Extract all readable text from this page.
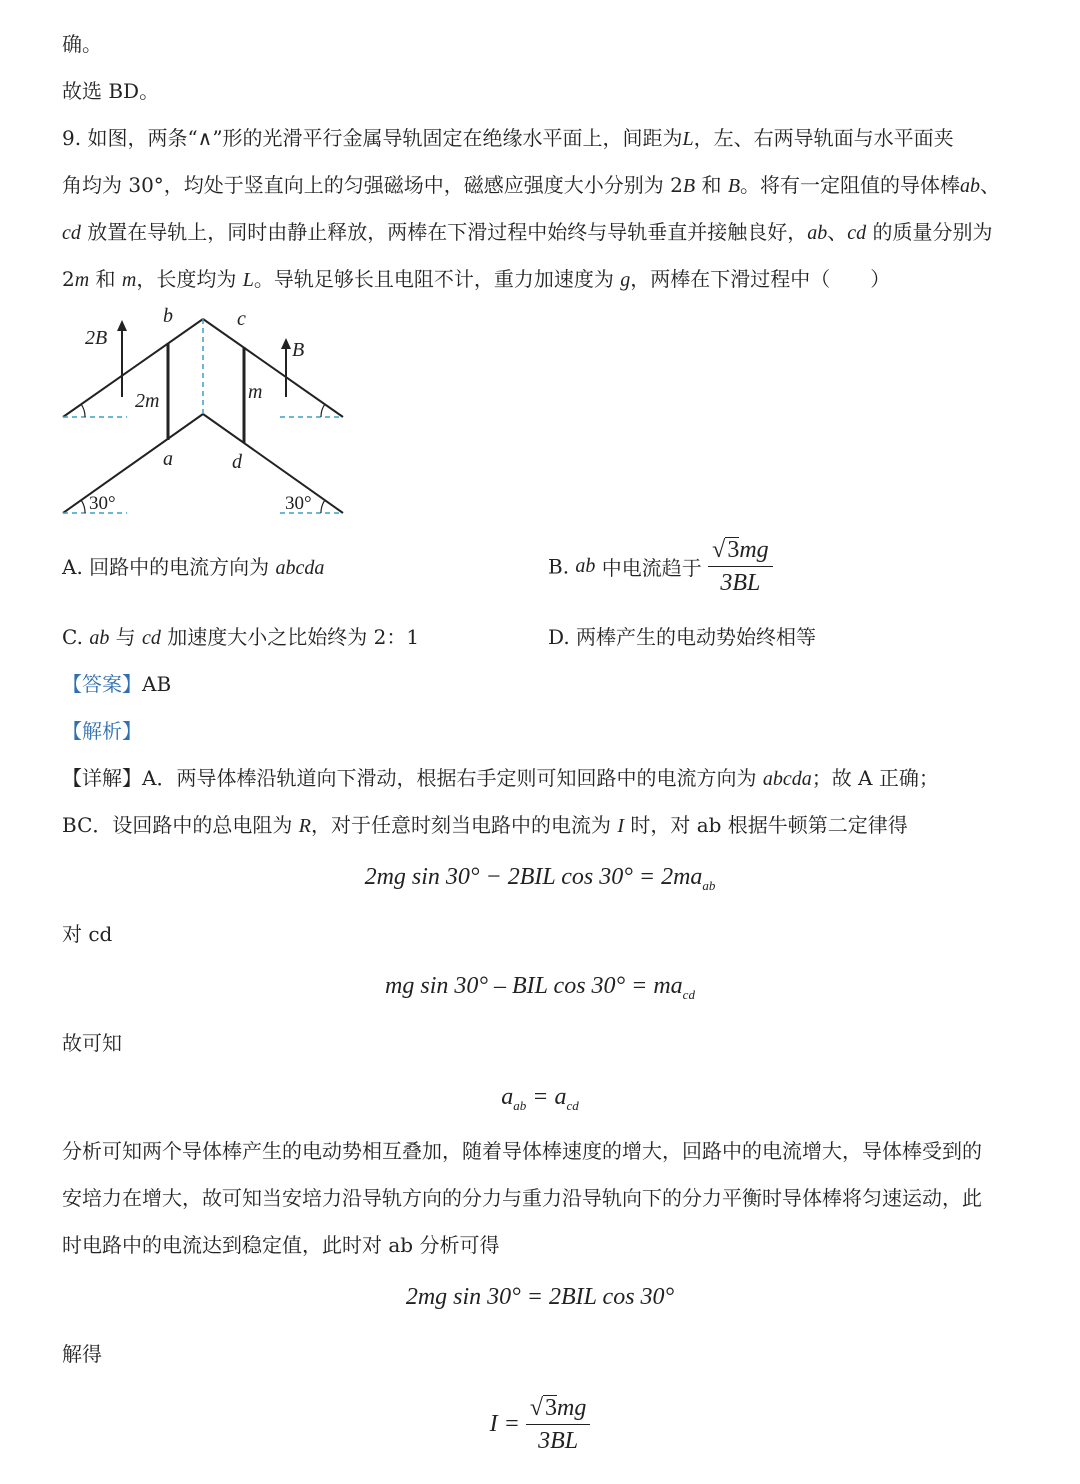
确。
故选 BD。
9. 如图，两条“∧”形的光滑平行金属导轨固定在绝缘水平面上，间距为L，左、右两导轨面与水平面夹
角均为 30°，均处于竖直向上的匀强磁场中，磁感应强度大小分别为 2B 和 B。将有一定阻值的导体棒ab、
cd 放置在导轨上，同时由静止释放，两棒在下滑过程中始终与导轨垂直并接触良好，ab、cd 的质量分别为
2m 和 m，长度均为 L。导轨足够长且电阻不计，重力加速度为 g，两棒在下滑过程中（　　）
2B
B
b	c
a	d
2m	m
30°	30°
A. 回路中的电流方向为 abcda	B. ab 中电流趋于 $\frac{√3mg}{3BL}$
C. ab 与 cd 加速度大小之比始终为 2：1	D. 两棒产生的电动势始终相等
【答案】AB
【解析】
【详解】A．两导体棒沿轨道向下滑动，根据右手定则可知回路中的电流方向为 abcda；故 A 正确；
BC．设回路中的总电阻为 R，对于任意时刻当电路中的电流为 I 时，对 ab 根据牛顿第二定律得
2mg sin 30° − 2BIL $\cos 30^\circ = 2ma_{ab}$
对 cd
mg sin 30° – BIL $\cos 30^\circ = ma_{cd}$
故可知
$a_{ab} = a_{cd}$
分析可知两个导体棒产生的电动势相互叠加，随着导体棒速度的增大，回路中的电流增大，导体棒受到的
安培力在增大，故可知当安培力沿导轨方向的分力与重力沿导轨向下的分力平衡时导体棒将匀速运动，此
时电路中的电流达到稳定值，此时对 ab 分析可得
2mg sin 30° = 2BIL cos 30°
解得
$I = \frac{√3mg}{3BL}$
